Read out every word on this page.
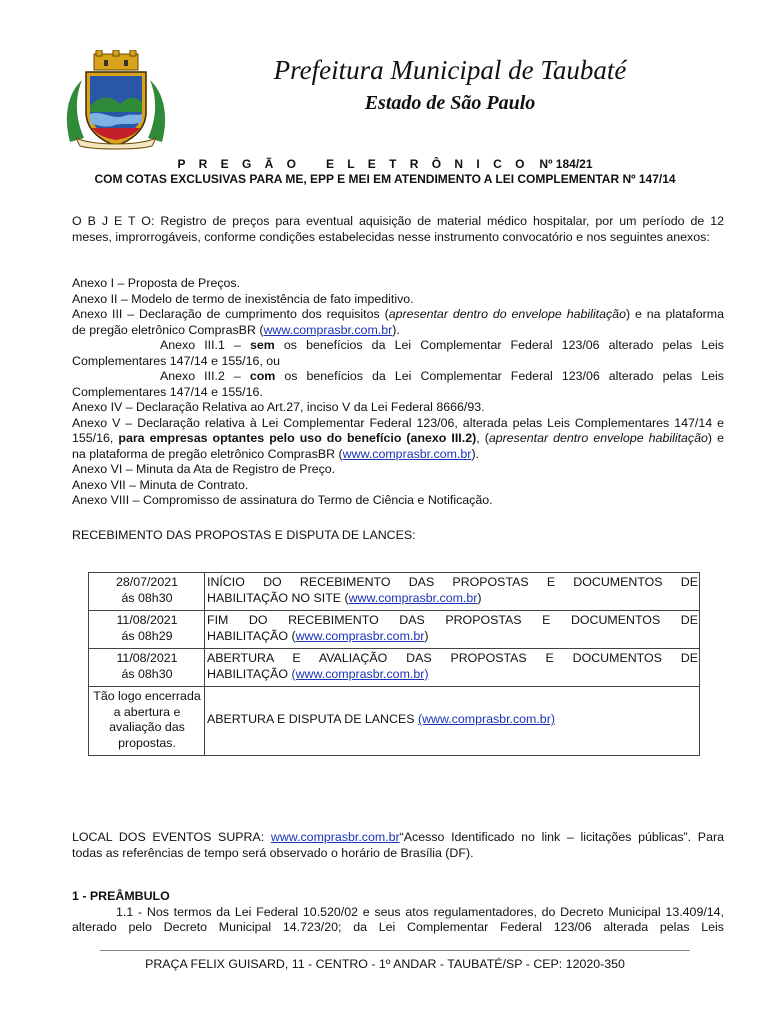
Prefeitura Municipal de Taubaté
Estado de São Paulo
P R E G Ã O   E L E T R Ô N I C O Nº 184/21
COM COTAS EXCLUSIVAS PARA ME, EPP E MEI EM ATENDIMENTO A LEI COMPLEMENTAR Nº 147/14
O B J E T O: Registro de preços para eventual aquisição de material médico hospitalar, por um período de 12
meses, improrrogáveis, conforme condições estabelecidas nesse instrumento convocatório e nos seguintes anexos:
Anexo I – Proposta de Preços.
Anexo II – Modelo de termo de inexistência de fato impeditivo.
Anexo III – Declaração de cumprimento dos requisitos (apresentar dentro do envelope habilitação) e na plataforma
de pregão eletrônico ComprasBR (www.comprasbr.com.br).
Anexo III.1 – sem os benefícios da Lei Complementar Federal 123/06 alterado pelas Leis
Complementares 147/14 e 155/16, ou
Anexo III.2 – com os benefícios da Lei Complementar Federal 123/06 alterado pelas Leis
Complementares 147/14 e 155/16.
Anexo IV – Declaração Relativa ao Art.27, inciso V da Lei Federal 8666/93.
Anexo V – Declaração relativa à Lei Complementar Federal 123/06, alterada pelas Leis Complementares 147/14 e
155/16, para empresas optantes pelo uso do benefício (anexo III.2), (apresentar dentro envelope habilitação) e
na plataforma de pregão eletrônico ComprasBR (www.comprasbr.com.br).
Anexo VI – Minuta da Ata de Registro de Preço.
Anexo VII – Minuta de Contrato.
Anexo VIII – Compromisso de assinatura do Termo de Ciência e Notificação.
RECEBIMENTO DAS PROPOSTAS E DISPUTA DE LANCES:
28/07/2021
ás 08h30	INÍCIO DO RECEBIMENTO DAS PROPOSTAS E DOCUMENTOS DE
HABILITAÇÃO NO SITE (www.comprasbr.com.br)

11/08/2021
ás 08h29	FIM DO RECEBIMENTO DAS PROPOSTAS E DOCUMENTOS DE
HABILITAÇÃO (www.comprasbr.com.br)

11/08/2021
ás 08h30	ABERTURA E AVALIAÇÃO DAS PROPOSTAS E DOCUMENTOS DE
HABILITAÇÃO (www.comprasbr.com.br)

Tão logo encerrada
a abertura e
avaliação das
propostas.	ABERTURA E DISPUTA DE LANCES (www.comprasbr.com.br)
LOCAL DOS EVENTOS SUPRA: www.comprasbr.com.br“Acesso Identificado no link – licitações públicas”. Para
todas as referências de tempo será observado o horário de Brasília (DF).
1 - PREÂMBULO
1.1 - Nos termos da Lei Federal 10.520/02 e seus atos regulamentadores, do Decreto Municipal 13.409/14,
alterado pelo Decreto Municipal 14.723/20; da Lei Complementar Federal 123/06 alterada pelas Leis
PRAÇA FELIX GUISARD, 11 - CENTRO - 1º ANDAR - TAUBATÉ/SP - CEP: 12020-350
